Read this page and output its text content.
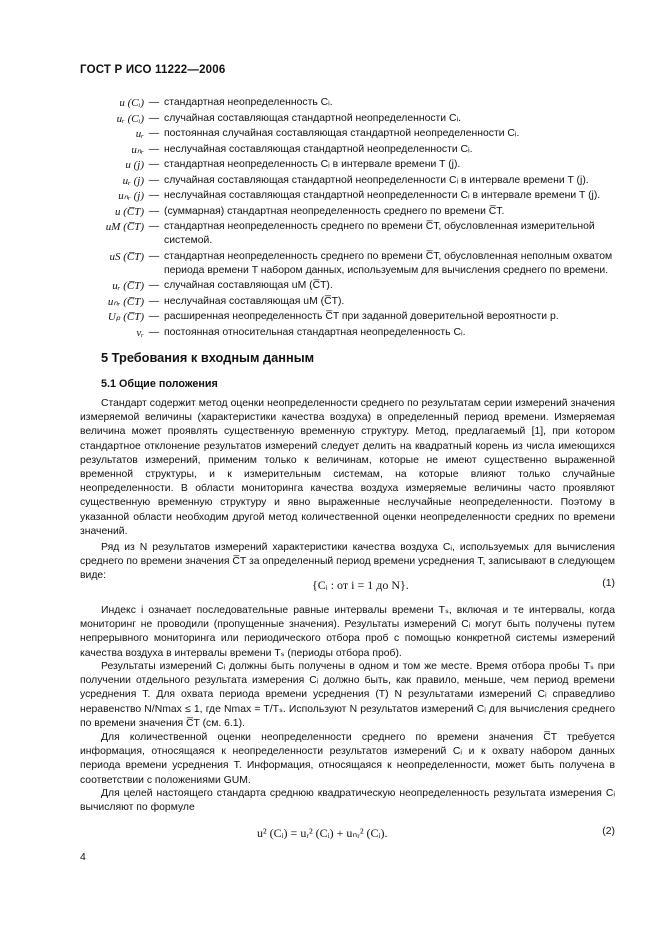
ГОСТ Р ИСО 11222—2006
u (Cᵢ) — стандартная неопределенность Cᵢ.
uᵣ (Cᵢ) — случайная составляющая стандартной неопределенности Cᵢ.
uᵣ — постоянная случайная составляющая стандартной неопределенности Cᵢ.
uₙᵣ — неслучайная составляющая стандартной неопределенности Cᵢ.
u (j) — стандартная неопределенность Cᵢ в интервале времени T (j).
uᵣ (j) — случайная составляющая стандартной неопределенности Cᵢ в интервале времени T (j).
uₙᵣ (j) — неслучайная составляющая стандартной неопределенности Cᵢ в интервале времени T (j).
u (C̅T) — (суммарная) стандартная неопределенность среднего по времени C̅T.
uM (C̅T) — стандартная неопределенность среднего по времени C̅T, обусловленная измерительной системой.
uS (C̅T) — стандартная неопределенность среднего по времени C̅T, обусловленная неполным охватом периода времени T набором данных, используемым для вычисления среднего по времени.
uᵣ (C̅T) — случайная составляющая uM (C̅T).
uₙᵣ (C̅T) — неслучайная составляющая uM (C̅T).
Uₚ (C̅T) — расширенная неопределенность C̅T при заданной доверительной вероятности p.
vᵣ — постоянная относительная стандартная неопределенность Cᵢ.
5 Требования к входным данным
5.1 Общие положения

Стандарт содержит метод оценки неопределенности среднего по результатам серии измерений значения измеряемой величины (характеристики качества воздуха) в определенный период времени. Измеряемая величина может проявлять существенную временную структуру. Метод, предлагаемый [1], при котором стандартное отклонение результатов измерений следует делить на квадратный корень из числа имеющихся результатов измерений, применим только к величинам, которые не имеют существенно выраженной временной структуры, и к измерительным системам, на которые влияют только случайные неопределенности. В области мониторинга качества воздуха измеряемые величины часто проявляют существенную временную структуру и явно выраженные неслучайные неопределенности. Поэтому в указанной области необходим другой метод количественной оценки неопределенности средних по времени значений.

Ряд из N результатов измерений характеристики качества воздуха Cᵢ, используемых для вычисления среднего по времени значения C̅T за определенный период времени усреднения T, записывают в следующем виде:

{Cᵢ : от i = 1 до N}.	(1)

Индекс i означает последовательные равные интервалы времени Tₛ, включая и те интервалы, когда мониторинг не проводили (пропущенные значения). Результаты измерений Cᵢ могут быть получены путем непрерывного мониторинга или периодического отбора проб с помощью конкретной системы измерений качества воздуха в интервалы времени Tₛ (периоды отбора проб).

Результаты измерений Cᵢ должны быть получены в одном и том же месте. Время отбора пробы Tₛ при получении отдельного результата измерения Cᵢ должно быть, как правило, меньше, чем период времени усреднения T. Для охвата периода времени усреднения (T) N результатами измерений Cᵢ справедливо неравенство N/Nmax ≤ 1, где Nmax = T/Tₛ. Используют N результатов измерений Cᵢ для вычисления среднего по времени значения C̅T (см. 6.1).

Для количественной оценки неопределенности среднего по времени значения C̅T требуется информация, относящаяся к неопределенности результатов измерений Cᵢ и к охвату набором данных периода времени усреднения T. Информация, относящаяся к неопределенности, может быть получена в соответствии с положениями GUM.

Для целей настоящего стандарта среднюю квадратическую неопределенность результата измерения Cᵢ вычисляют по формуле

u² (Cᵢ) = uᵣ² (Cᵢ) + uₙᵣ² (Cᵢ).	(2)
4
